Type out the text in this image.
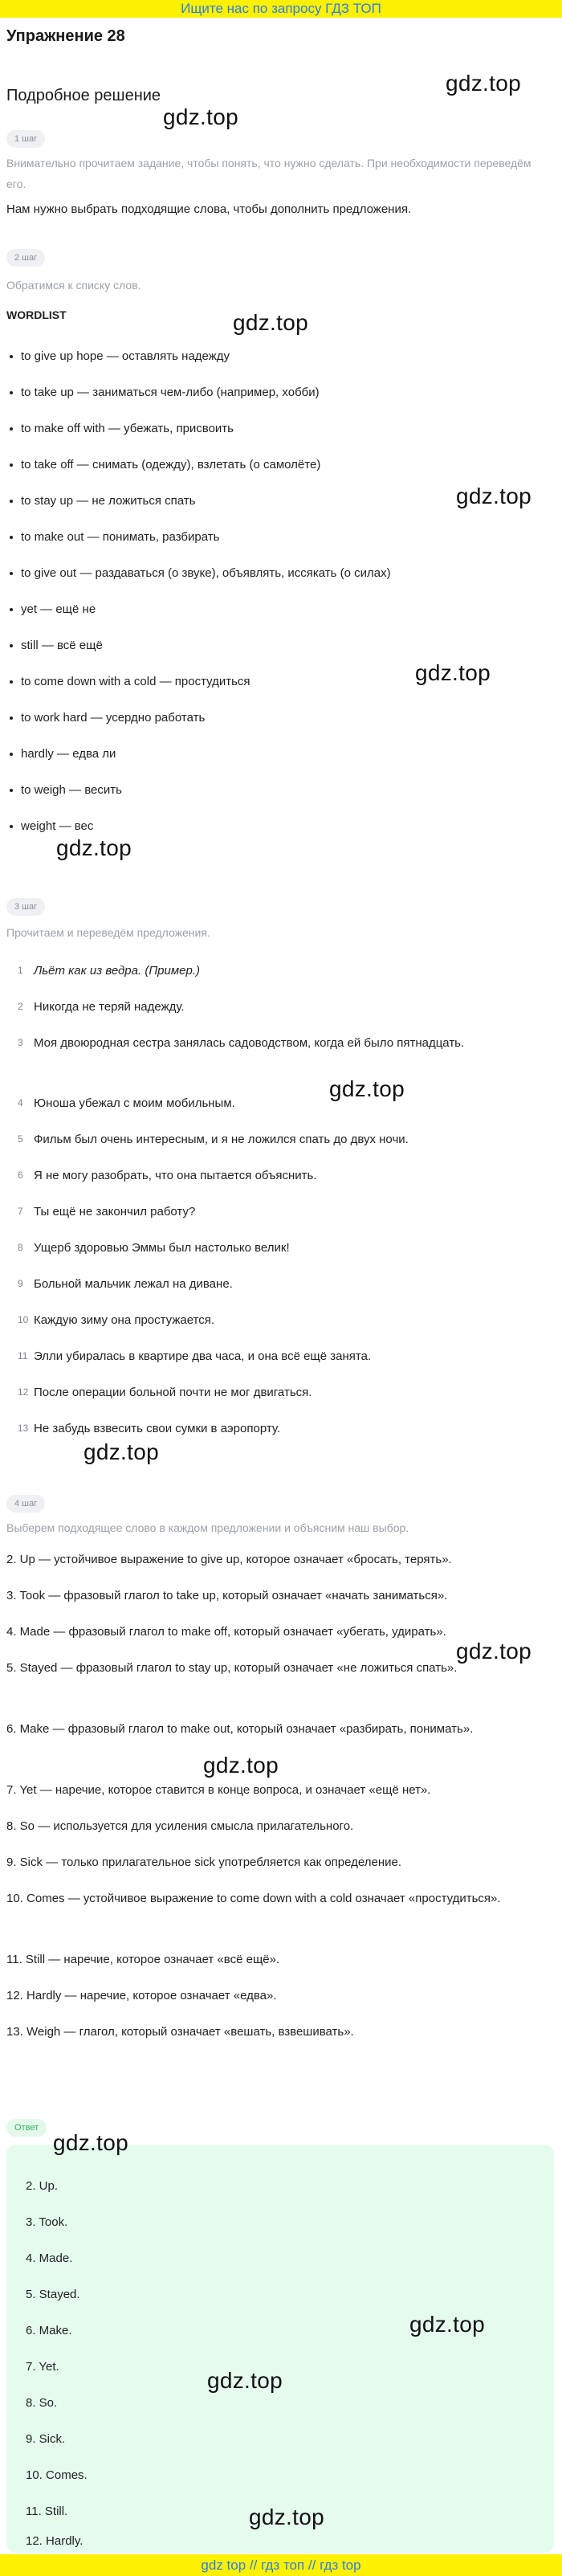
Ищите нас по запросу ГДЗ ТОП
Упражнение 28
Подробное решение
1 шаг
Внимательно прочитаем задание, чтобы понять, что нужно сделать. При необходимости переведём его.
Нам нужно выбрать подходящие слова, чтобы дополнить предложения.
2 шаг
Обратимся к списку слов.
WORDLIST
to give up hope — оставлять надежду
to take up — заниматься чем-либо (например, хобби)
to make off with — убежать, присвоить
to take off — снимать (одежду), взлетать (о самолёте)
to stay up — не ложиться спать
to make out — понимать, разбирать
to give out — раздаваться (о звуке), объявлять, иссякать (о силах)
yet — ещё не
still — всё ещё
to come down with a cold — простудиться
to work hard — усердно работать
hardly — едва ли
to weigh — весить
weight — вес
3 шаг
Прочитаем и переведём предложения.
1 Льёт как из ведра. (Пример.)
2 Никогда не теряй надежду.
3 Моя двоюродная сестра занялась садоводством, когда ей было пятнадцать.
4 Юноша убежал с моим мобильным.
5 Фильм был очень интересным, и я не ложился спать до двух ночи.
6 Я не могу разобрать, что она пытается объяснить.
7 Ты ещё не закончил работу?
8 Ущерб здоровью Эммы был настолько велик!
9 Больной мальчик лежал на диване.
10 Каждую зиму она простужается.
11 Элли убиралась в квартире два часа, и она всё ещё занята.
12 После операции больной почти не мог двигаться.
13 Не забудь взвесить свои сумки в аэропорту.
4 шаг
Выберем подходящее слово в каждом предложении и объясним наш выбор.
2. Up — устойчивое выражение to give up, которое означает «бросать, терять».
3. Took — фразовый глагол to take up, который означает «начать заниматься».
4. Made — фразовый глагол to make off, который означает «убегать, удирать».
5. Stayed — фразовый глагол to stay up, который означает «не ложиться спать».
6. Make — фразовый глагол to make out, который означает «разбирать, понимать».
7. Yet — наречие, которое ставится в конце вопроса, и означает «ещё нет».
8. So — используется для усиления смысла прилагательного.
9. Sick — только прилагательное sick употребляется как определение.
10. Comes — устойчивое выражение to come down with a cold означает «простудиться».
11. Still — наречие, которое означает «всё ещё».
12. Hardly — наречие, которое означает «едва».
13. Weigh — глагол, который означает «вешать, взвешивать».
Ответ
2. Up.
3. Took.
4. Made.
5. Stayed.
6. Make.
7. Yet.
8. So.
9. Sick.
10. Comes.
11. Still.
12. Hardly.
gdz.top
gdz.top
gdz.top
gdz.top
gdz.top
gdz.top
gdz.top
gdz.top
gdz.top
gdz.top
gdz.top
gdz.top
gdz.top
gdz.top
gdz top // гдз топ // гдз top
